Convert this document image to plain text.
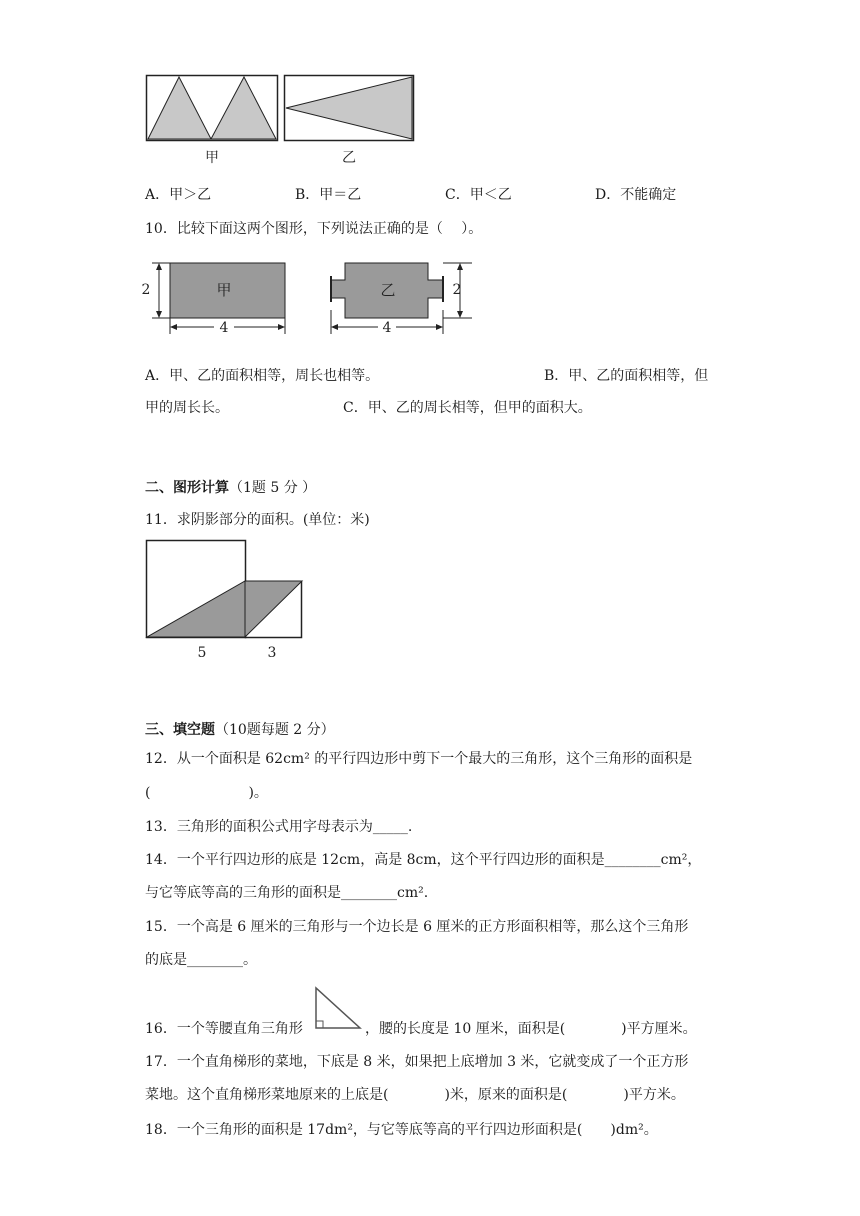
甲	乙
A．甲＞乙	B．甲＝乙	C．甲＜乙	D．不能确定
10．比较下面这两个图形，下列说法正确的是（　 ）。
甲
2
4
乙	2
4
A．甲、乙的面积相等，周长也相等。	B．甲、乙的面积相等，但
甲的周长长。	C．甲、乙的周长相等，但甲的面积大。
二、图形计算（1题 5 分 ）
11．求阴影部分的面积。(单位：米)
5	3
三、填空题（10题每题 2 分）
12．从一个面积是 62cm² 的平行四边形中剪下一个最大的三角形，这个三角形的面积是
(　　　　　　　)。
13．三角形的面积公式用字母表示为_____.
14．一个平行四边形的底是 12cm，高是 8cm，这个平行四边形的面积是________cm²，
与它等底等高的三角形的面积是________cm².
15．一个高是 6 厘米的三角形与一个边长是 6 厘米的正方形面积相等，那么这个三角形
的底是________。
16．一个等腰直角三角形	，腰的长度是 10 厘米，面积是(　　　　)平方厘米。
17．一个直角梯形的菜地，下底是 8 米，如果把上底增加 3 米，它就变成了一个正方形
菜地。这个直角梯形菜地原来的上底是(　　　　)米，原来的面积是(　　　　)平方米。
18．一个三角形的面积是 17dm²，与它等底等高的平行四边形面积是(　　)dm²。
